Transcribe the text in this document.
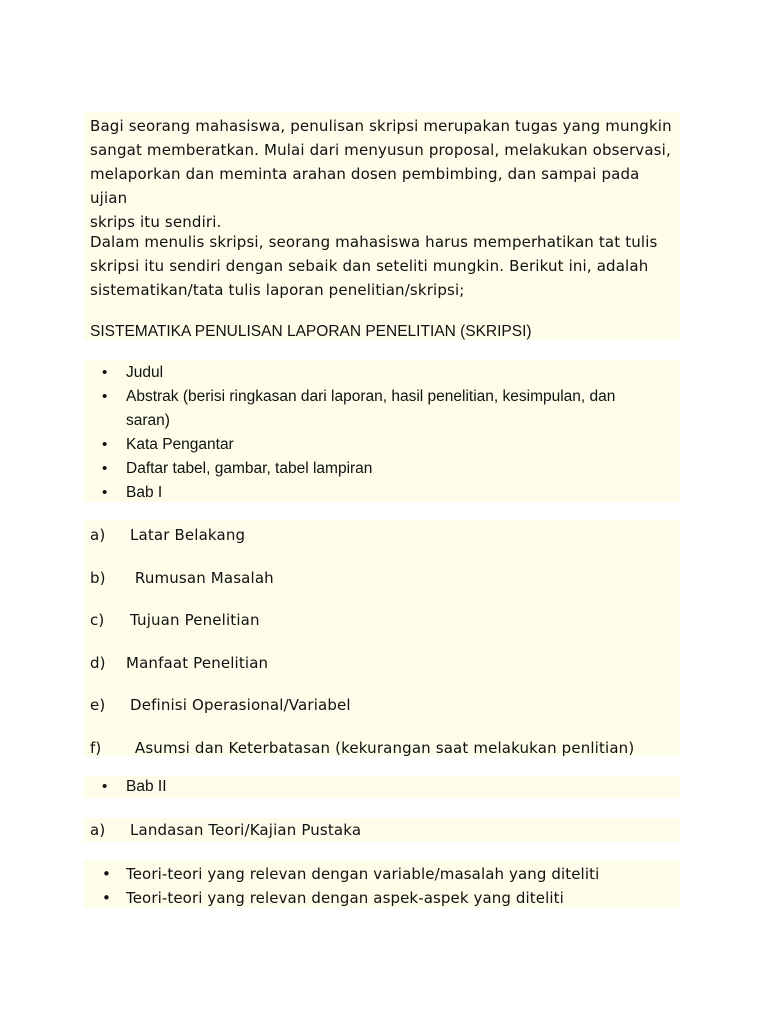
Bagi seorang mahasiswa, penulisan skripsi merupakan tugas yang mungkin
sangat memberatkan. Mulai dari menyusun proposal, melakukan observasi,
melaporkan dan meminta arahan dosen pembimbing, dan sampai pada ujian
skrips itu sendiri.

Dalam menulis skripsi, seorang mahasiswa harus memperhatikan tat tulis
skripsi itu sendiri dengan sebaik dan seteliti mungkin. Berikut ini, adalah
sistematikan/tata tulis laporan penelitian/skripsi;

SISTEMATIKA PENULISAN LAPORAN PENELITIAN (SKRIPSI)

• Judul
• Abstrak (berisi ringkasan dari laporan, hasil penelitian, kesimpulan, dan
saran)
• Kata Pengantar
• Daftar tabel, gambar, tabel lampiran
• Bab I
a)	Latar Belakang
b)	Rumusan Masalah
c)	Tujuan Penelitian
d)	Manfaat Penelitian
e)	Definisi Operasional/Variabel
f)	Asumsi dan Keterbatasan (kekurangan saat melakukan penlitian)
• Bab II
a)	Landasan Teori/Kajian Pustaka
• Teori-teori yang relevan dengan variable/masalah yang diteliti
• Teori-teori yang relevan dengan aspek-aspek yang diteliti
